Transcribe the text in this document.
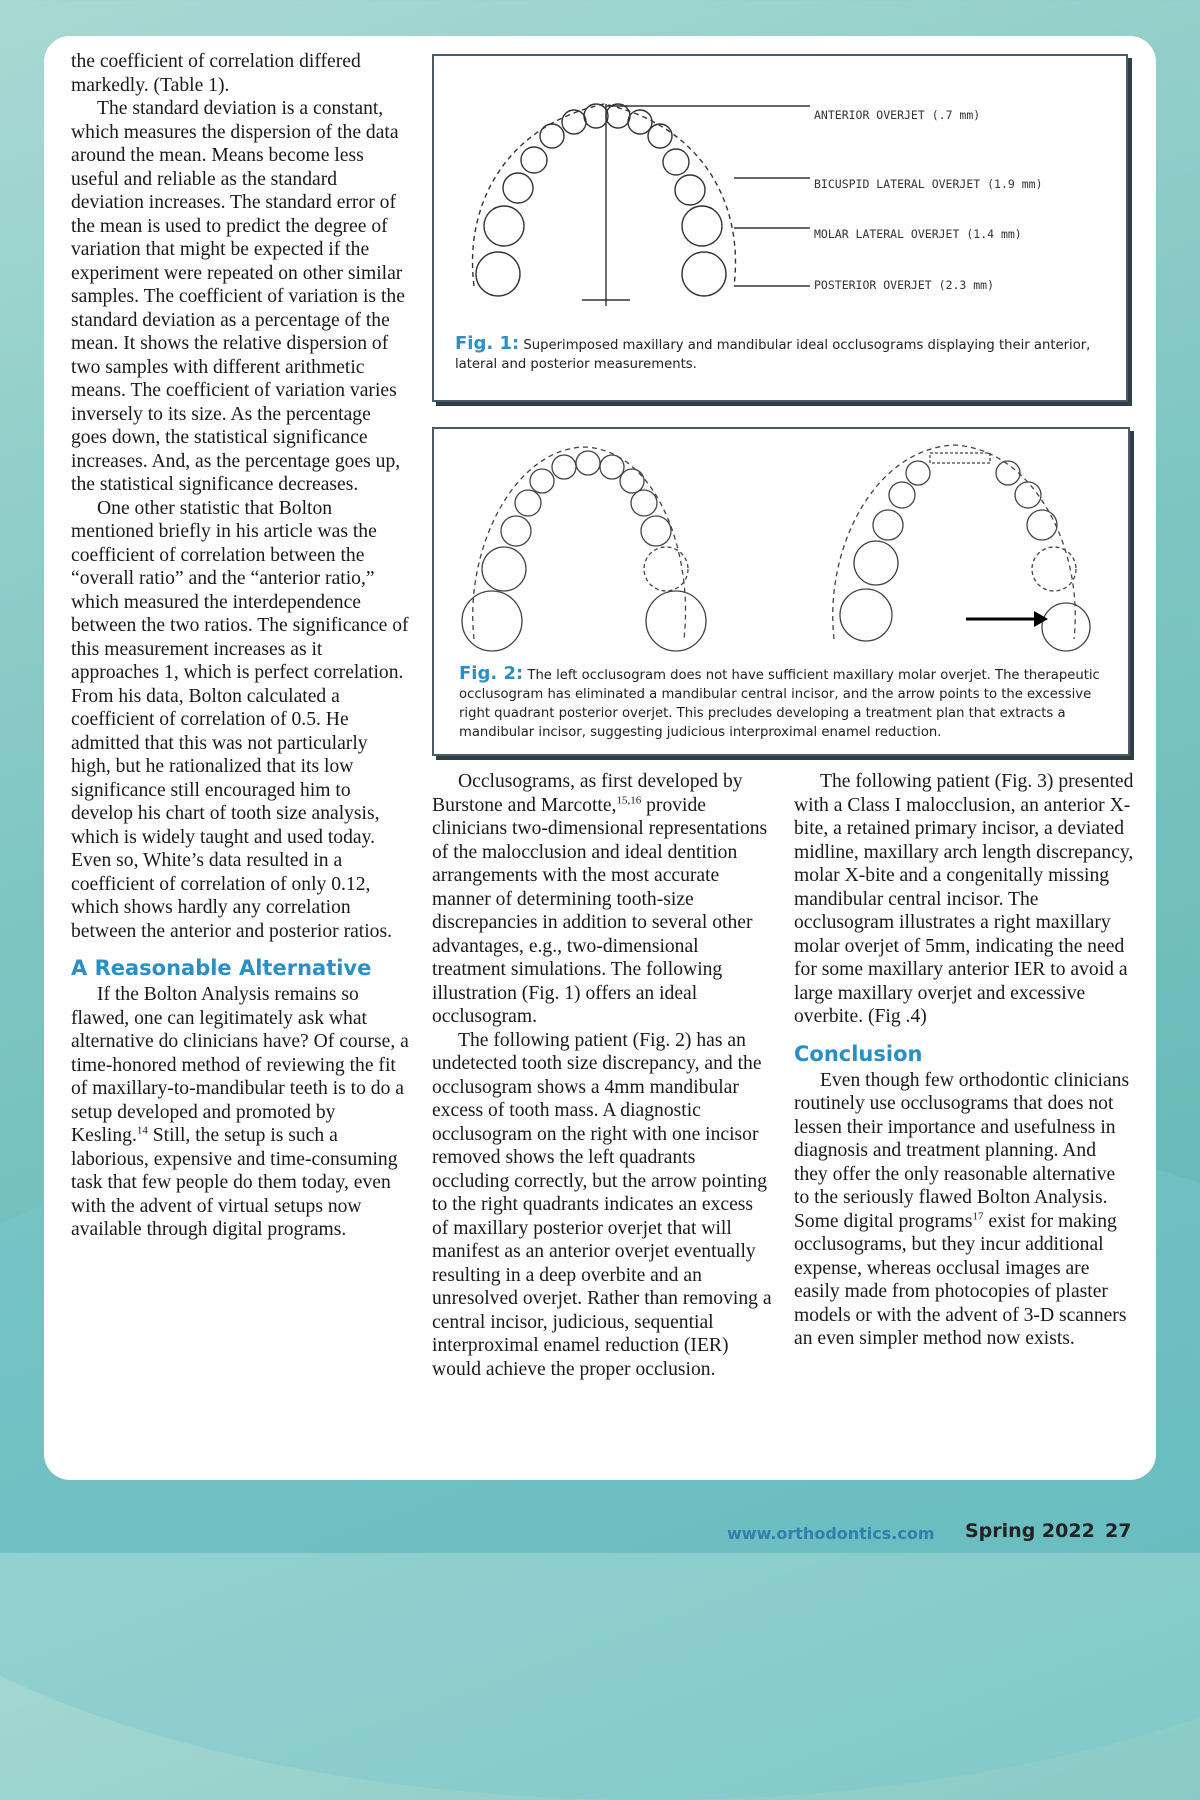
the coefficient of correlation differed markedly. (Table 1).

The standard deviation is a constant, which measures the dispersion of the data around the mean. Means become less useful and reliable as the standard deviation increases. The standard error of the mean is used to predict the degree of variation that might be expected if the experiment were repeated on other similar samples. The coefficient of variation is the standard deviation as a percentage of the mean. It shows the relative dispersion of two samples with different arithmetic means. The coefficient of variation varies inversely to its size. As the percentage goes down, the statistical significance increases. And, as the percentage goes up, the statistical significance decreases.

One other statistic that Bolton mentioned briefly in his article was the coefficient of correlation between the “overall ratio” and the “anterior ratio,” which measured the interdependence between the two ratios. The significance of this measurement increases as it approaches 1, which is perfect correlation. From his data, Bolton calculated a coefficient of correlation of 0.5. He admitted that this was not particularly high, but he rationalized that its low significance still encouraged him to develop his chart of tooth size analysis, which is widely taught and used today. Even so, White’s data resulted in a coefficient of correlation of only 0.12, which shows hardly any correlation between the anterior and posterior ratios.

A Reasonable Alternative

If the Bolton Analysis remains so flawed, one can legitimately ask what alternative do clinicians have? Of course, a time-honored method of reviewing the fit of maxillary-to-mandibular teeth is to do a setup developed and promoted by Kesling.$^{14}$ Still, the setup is such a laborious, expensive and time-consuming task that few people do them today, even with the advent of virtual setups now available through digital programs.

ANTERIOR OVERJET (.7 mm)
BICUSPID LATERAL OVERJET (1.9 mm)
MOLAR LATERAL OVERJET (1.4 mm)
POSTERIOR OVERJET (2.3 mm)
Fig. 1: Superimposed maxillary and mandibular ideal occlusograms displaying their anterior, lateral and posterior measurements.
Fig. 2: The left occlusogram does not have sufficient maxillary molar overjet. The therapeutic occlusogram has eliminated a mandibular central incisor, and the arrow points to the excessive right quadrant posterior overjet. This precludes developing a treatment plan that extracts a mandibular incisor, suggesting judicious interproximal enamel reduction.

Occlusograms, as first developed by Burstone and Marcotte,$^{15,16}$ provide clinicians two-dimensional representations of the malocclusion and ideal dentition arrangements with the most accurate manner of determining tooth-size discrepancies in addition to several other advantages, e.g., two-dimensional treatment simulations. The following illustration (Fig. 1) offers an ideal occlusogram.

The following patient (Fig. 2) has an undetected tooth size discrepancy, and the occlusogram shows a 4mm mandibular excess of tooth mass. A diagnostic occlusogram on the right with one incisor removed shows the left quadrants occluding correctly, but the arrow pointing to the right quadrants indicates an excess of maxillary posterior overjet that will manifest as an anterior overjet eventually resulting in a deep overbite and an unresolved overjet. Rather than removing a central incisor, judicious, sequential interproximal enamel reduction (IER) would achieve the proper occlusion.

The following patient (Fig. 3) presented with a Class I malocclusion, an anterior X-bite, a retained primary incisor, a deviated midline, maxillary arch length discrepancy, molar X-bite and a congenitally missing mandibular central incisor. The occlusogram illustrates a right maxillary molar overjet of 5mm, indicating the need for some maxillary anterior IER to avoid a large maxillary overjet and excessive overbite. (Fig .4)

Conclusion

Even though few orthodontic clinicians routinely use occlusograms that does not lessen their importance and usefulness in diagnosis and treatment planning. And they offer the only reasonable alternative to the seriously flawed Bolton Analysis. Some digital programs$^{17}$ exist for making occlusograms, but they incur additional expense, whereas occlusal images are easily made from photocopies of plaster models or with the advent of 3-D scanners an even simpler method now exists.

www.orthodontics.com Spring 2022 27
